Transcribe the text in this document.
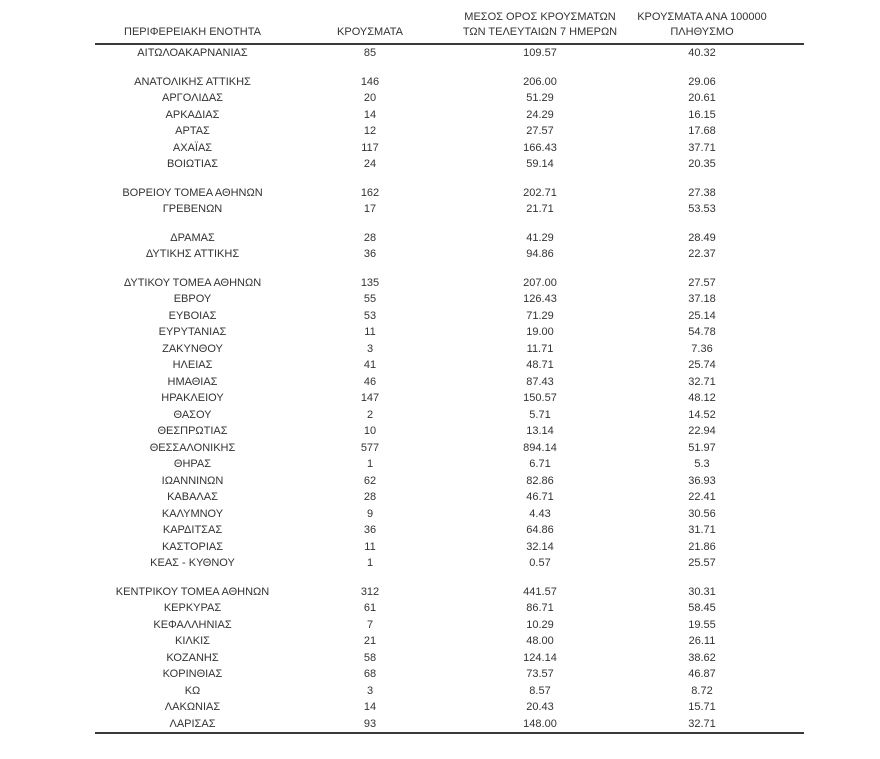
ΠΕΡΙΦΕΡΕΙΑΚΗ ΕΝΟΤΗΤΑ	ΚΡΟΥΣΜΑΤΑ	ΜΕΣΟΣ ΟΡΟΣ ΚΡΟΥΣΜΑΤΩΝ
ΤΩΝ ΤΕΛΕΥΤΑΙΩΝ 7 ΗΜΕΡΩΝ	ΚΡΟΥΣΜΑΤΑ ΑΝΑ 100000
ΠΛΗΘΥΣΜΟ
ΑΙΤΩΛΟΑΚΑΡΝΑΝΙΑΣ	85	109.57	40.32

ΑΝΑΤΟΛΙΚΗΣ ΑΤΤΙΚΗΣ	146	206.00	29.06
ΑΡΓΟΛΙΔΑΣ	20	51.29	20.61
ΑΡΚΑΔΙΑΣ	14	24.29	16.15
ΑΡΤΑΣ	12	27.57	17.68
ΑΧΑΪΑΣ	117	166.43	37.71
ΒΟΙΩΤΙΑΣ	24	59.14	20.35

ΒΟΡΕΙΟΥ ΤΟΜΕΑ ΑΘΗΝΩΝ	162	202.71	27.38
ΓΡΕΒΕΝΩΝ	17	21.71	53.53

ΔΡΑΜΑΣ	28	41.29	28.49
ΔΥΤΙΚΗΣ ΑΤΤΙΚΗΣ	36	94.86	22.37

ΔΥΤΙΚΟΥ ΤΟΜΕΑ ΑΘΗΝΩΝ	135	207.00	27.57
ΕΒΡΟΥ	55	126.43	37.18
ΕΥΒΟΙΑΣ	53	71.29	25.14
ΕΥΡΥΤΑΝΙΑΣ	11	19.00	54.78
ΖΑΚΥΝΘΟΥ	3	11.71	7.36
ΗΛΕΙΑΣ	41	48.71	25.74
ΗΜΑΘΙΑΣ	46	87.43	32.71
ΗΡΑΚΛΕΙΟΥ	147	150.57	48.12
ΘΑΣΟΥ	2	5.71	14.52
ΘΕΣΠΡΩΤΙΑΣ	10	13.14	22.94
ΘΕΣΣΑΛΟΝΙΚΗΣ	577	894.14	51.97
ΘΗΡΑΣ	1	6.71	5.3
ΙΩΑΝΝΙΝΩΝ	62	82.86	36.93
ΚΑΒΑΛΑΣ	28	46.71	22.41
ΚΑΛΥΜΝΟΥ	9	4.43	30.56
ΚΑΡΔΙΤΣΑΣ	36	64.86	31.71
ΚΑΣΤΟΡΙΑΣ	11	32.14	21.86
ΚΕΑΣ - ΚΥΘΝΟΥ	1	0.57	25.57

ΚΕΝΤΡΙΚΟΥ ΤΟΜΕΑ ΑΘΗΝΩΝ	312	441.57	30.31
ΚΕΡΚΥΡΑΣ	61	86.71	58.45
ΚΕΦΑΛΛΗΝΙΑΣ	7	10.29	19.55
ΚΙΛΚΙΣ	21	48.00	26.11
ΚΟΖΑΝΗΣ	58	124.14	38.62
ΚΟΡΙΝΘΙΑΣ	68	73.57	46.87
ΚΩ	3	8.57	8.72
ΛΑΚΩΝΙΑΣ	14	20.43	15.71
ΛΑΡΙΣΑΣ	93	148.00	32.71
